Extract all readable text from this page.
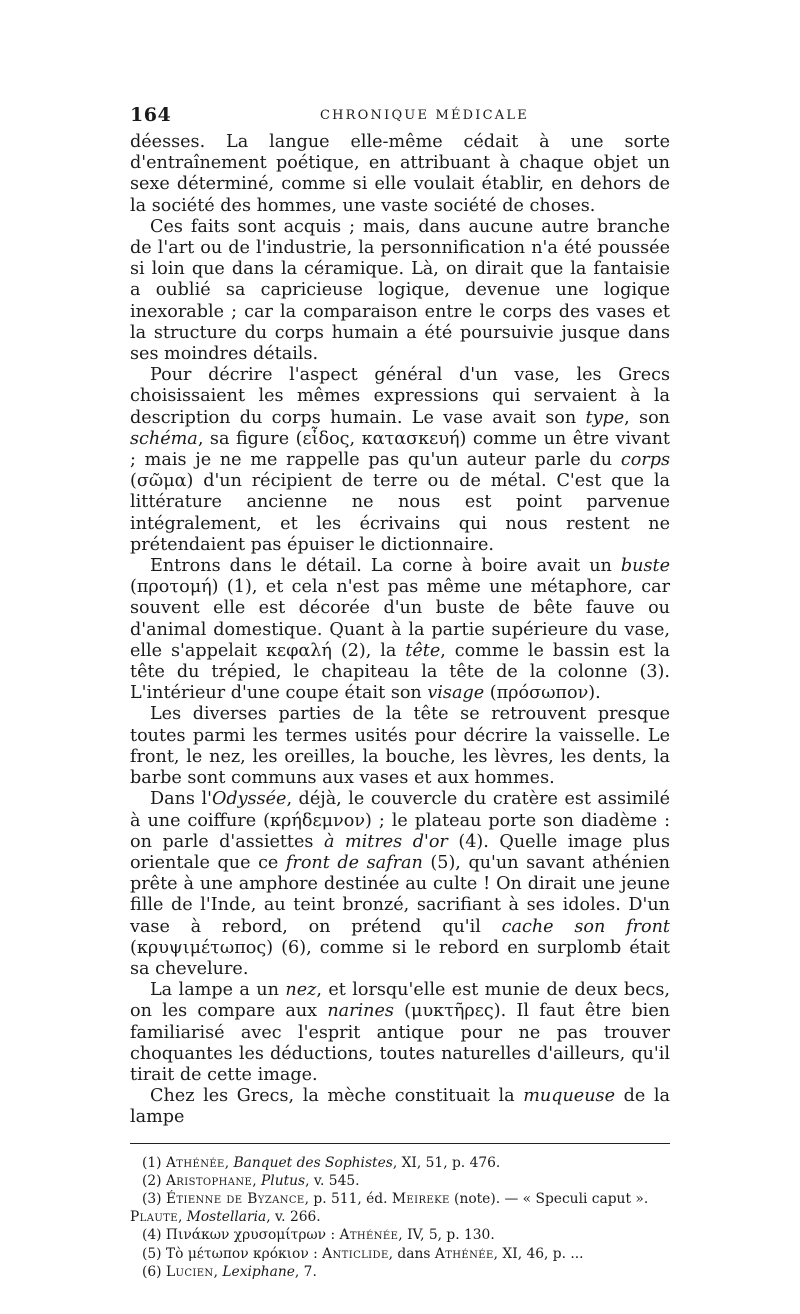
164	CHRONIQUE MÉDICALE

déesses. La langue elle-même cédait à une sorte d'entraînement poétique, en attribuant à chaque objet un sexe déterminé, comme si elle voulait établir, en dehors de la société des hommes, une vaste société de choses.

Ces faits sont acquis ; mais, dans aucune autre branche de l'art ou de l'industrie, la personnification n'a été poussée si loin que dans la céramique. Là, on dirait que la fantaisie a oublié sa capricieuse logique, devenue une logique inexorable ; car la comparaison entre le corps des vases et la structure du corps humain a été poursuivie jusque dans ses moindres détails.

Pour décrire l'aspect général d'un vase, les Grecs choisissaient les mêmes expressions qui servaient à la description du corps humain. Le vase avait son type, son schéma, sa figure (εἶδος, κατασκευή) comme un être vivant ; mais je ne me rappelle pas qu'un auteur parle du corps (σῶμα) d'un récipient de terre ou de métal. C'est que la littérature ancienne ne nous est point parvenue intégralement, et les écrivains qui nous restent ne prétendaient pas épuiser le dictionnaire.

Entrons dans le détail. La corne à boire avait un buste (προτομή) (1), et cela n'est pas même une métaphore, car souvent elle est décorée d'un buste de bête fauve ou d'animal domestique. Quant à la partie supérieure du vase, elle s'appelait κεφαλή (2), la tête, comme le bassin est la tête du trépied, le chapiteau la tête de la colonne (3). L'intérieur d'une coupe était son visage (πρόσωπον).

Les diverses parties de la tête se retrouvent presque toutes parmi les termes usités pour décrire la vaisselle. Le front, le nez, les oreilles, la bouche, les lèvres, les dents, la barbe sont communs aux vases et aux hommes.

Dans l'Odyssée, déjà, le couvercle du cratère est assimilé à une coiffure (κρήδεμνον) ; le plateau porte son diadème : on parle d'assiettes à mitres d'or (4). Quelle image plus orientale que ce front de safran (5), qu'un savant athénien prête à une amphore destinée au culte ! On dirait une jeune fille de l'Inde, au teint bronzé, sacrifiant à ses idoles. D'un vase à rebord, on prétend qu'il cache son front (κρυψιμέτωπος) (6), comme si le rebord en surplomb était sa chevelure.

La lampe a un nez, et lorsqu'elle est munie de deux becs, on les compare aux narines (μυκτῆρες). Il faut être bien familiarisé avec l'esprit antique pour ne pas trouver choquantes les déductions, toutes naturelles d'ailleurs, qu'il tirait de cette image.

Chez les Grecs, la mèche constituait la muqueuse de la lampe

(1) Athénée, Banquet des Sophistes, XI, 51, p. 476.

(2) Aristophane, Plutus, v. 545.

(3) Étienne de Byzance, p. 511, éd. Meireke (note). — « Speculi caput ». Plaute, Mostellaria, v. 266.

(4) Πινάκων χρυσομίτρων : Athénée, IV, 5, p. 130.

(5) Τὸ μέτωπον κρόκιον : Anticlide, dans Athénée, XI, 46, p. ...

(6) Lucien, Lexiphane, 7.
